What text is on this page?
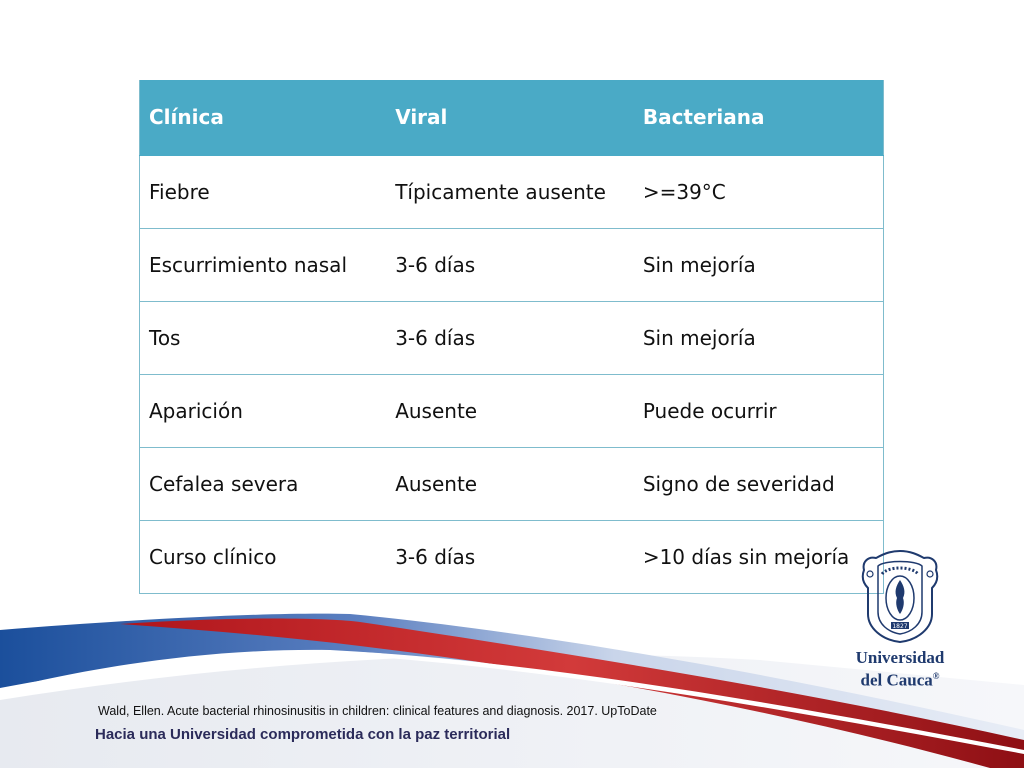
Clínica	Viral	Bacteriana
Fiebre	Típicamente ausente	>=39°C
Escurrimiento nasal	3-6 días	Sin mejoría
Tos	3-6 días	Sin mejoría
Aparición	Ausente	Puede ocurrir
Cefalea severa	Ausente	Signo de severidad
Curso clínico	3-6 días	>10 días sin mejoría
1827
Universidad
del Cauca®
Wald, Ellen. Acute bacterial rhinosinusitis in children: clinical features and diagnosis. 2017. UpToDate
Hacia una Universidad comprometida con la paz territorial
